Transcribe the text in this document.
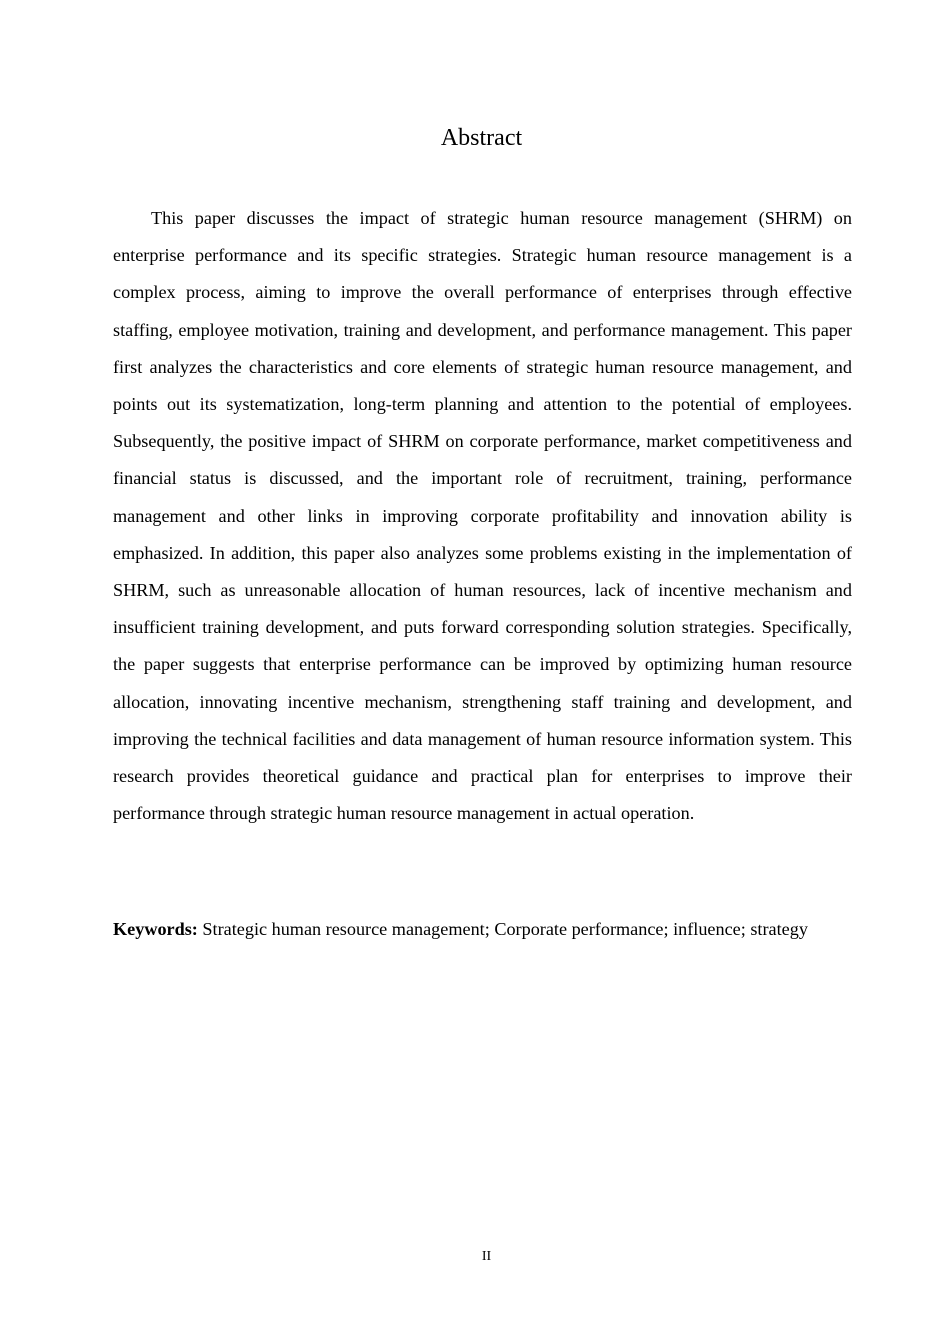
Abstract

This paper discusses the impact of strategic human resource management (SHRM) on enterprise performance and its specific strategies. Strategic human resource management is a complex process, aiming to improve the overall performance of enterprises through effective staffing, employee motivation, training and development, and performance management. This paper first analyzes the characteristics and core elements of strategic human resource management, and points out its systematization, long-term planning and attention to the potential of employees. Subsequently, the positive impact of SHRM on corporate performance, market competitiveness and financial status is discussed, and the important role of recruitment, training, performance management and other links in improving corporate profitability and innovation ability is emphasized. In addition, this paper also analyzes some problems existing in the implementation of SHRM, such as unreasonable allocation of human resources, lack of incentive mechanism and insufficient training development, and puts forward corresponding solution strategies. Specifically, the paper suggests that enterprise performance can be improved by optimizing human resource allocation, innovating incentive mechanism, strengthening staff training and development, and improving the technical facilities and data management of human resource information system. This research provides theoretical guidance and practical plan for enterprises to improve their performance through strategic human resource management in actual operation.

Keywords: Strategic human resource management; Corporate performance; influence; strategy

II
